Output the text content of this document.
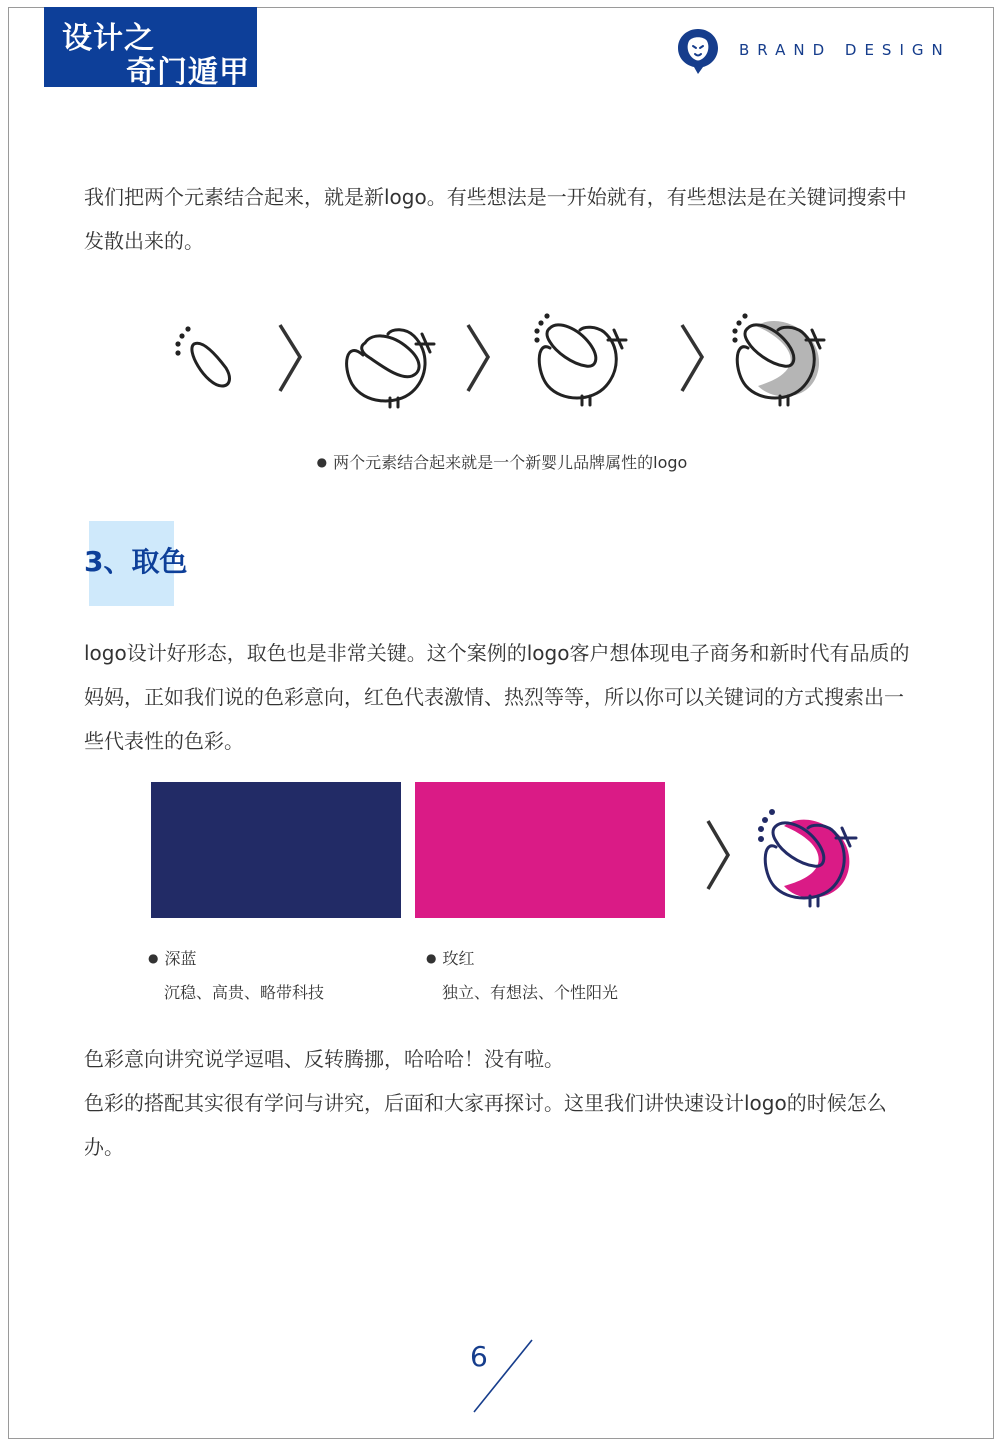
设计之
奇门遁甲
BRAND DESIGN
我们把两个元素结合起来，就是新logo。有些想法是一开始就有，有些想法是在关键词搜索中发散出来的。
● 两个元素结合起来就是一个新婴儿品牌属性的logo
3、取色
logo设计好形态，取色也是非常关键。这个案例的logo客户想体现电子商务和新时代有品质的妈妈，正如我们说的色彩意向，红色代表激情、热烈等等，所以你可以关键词的方式搜索出一些代表性的色彩。
● 深蓝
沉稳、高贵、略带科技
● 玫红
独立、有想法、个性阳光
色彩意向讲究说学逗唱、反转腾挪，哈哈哈！没有啦。
色彩的搭配其实很有学问与讲究，后面和大家再探讨。这里我们讲快速设计logo的时候怎么办。
6
